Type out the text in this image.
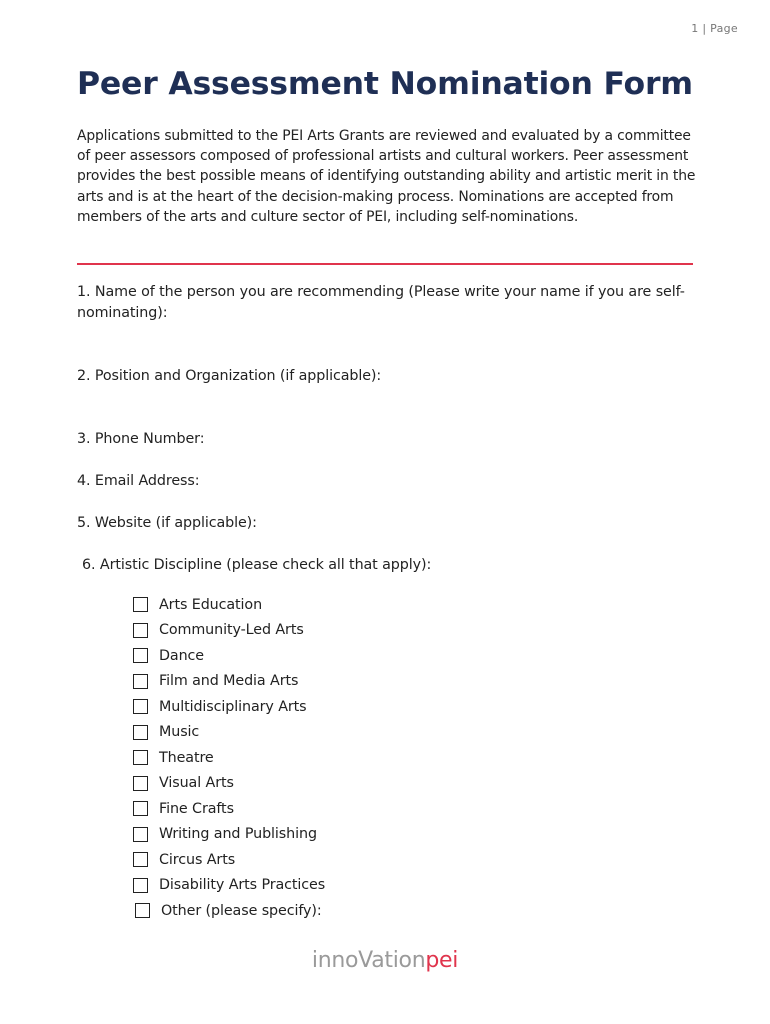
1 | Page
Peer Assessment Nomination Form

Applications submitted to the PEI Arts Grants are reviewed and evaluated by a committee of peer assessors composed of professional artists and cultural workers. Peer assessment provides the best possible means of identifying outstanding ability and artistic merit in the arts and is at the heart of the decision-making process. Nominations are accepted from members of the arts and culture sector of PEI, including self-nominations.

1. Name of the person you are recommending (Please write your name if you are self-nominating):

2. Position and Organization (if applicable):

3. Phone Number:

4. Email Address:

5. Website (if applicable):

6. Artistic Discipline (please check all that apply):

Arts Education
Community-Led Arts
Dance
Film and Media Arts
Multidisciplinary Arts
Music
Theatre
Visual Arts
Fine Crafts
Writing and Publishing
Circus Arts
Disability Arts Practices
Other (please specify):
innoVationpei
